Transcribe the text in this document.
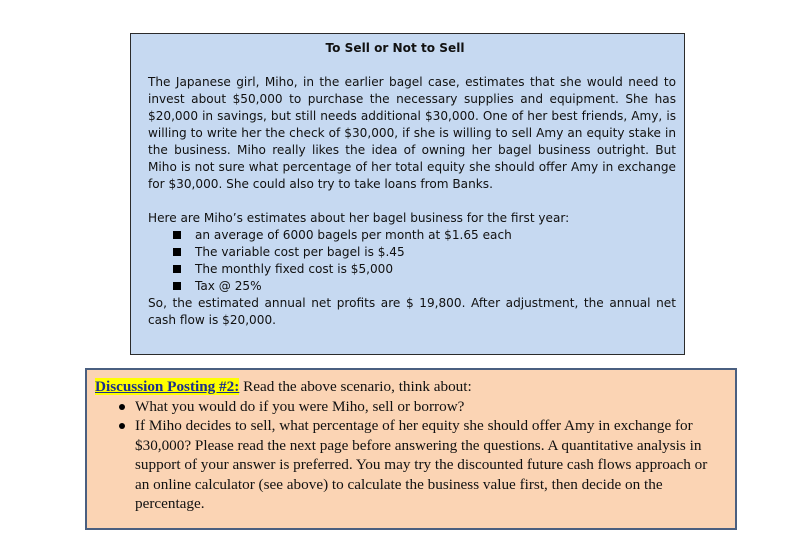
To Sell or Not to Sell

The Japanese girl, Miho, in the earlier bagel case, estimates that she would need to invest about $50,000 to purchase the necessary supplies and equipment. She has $20,000 in savings, but still needs additional $30,000. One of her best friends, Amy, is willing to write her the check of $30,000, if she is willing to sell Amy an equity stake in the business. Miho really likes the idea of owning her bagel business outright. But Miho is not sure what percentage of her total equity she should offer Amy in exchange for $30,000. She could also try to take loans from Banks.

Here are Miho’s estimates about her bagel business for the first year:
an average of 6000 bagels per month at $1.65 each
The variable cost per bagel is $.45
The monthly fixed cost is $5,000
Tax @ 25%

So, the estimated annual net profits are $ 19,800. After adjustment, the annual net cash flow is $20,000.

Discussion Posting #2: Read the above scenario, think about:

What you would do if you were Miho, sell or borrow?
If Miho decides to sell, what percentage of her equity she should offer Amy in exchange for $30,000? Please read the next page before answering the questions. A quantitative analysis in support of your answer is preferred. You may try the discounted future cash flows approach or an online calculator (see above) to calculate the business value first, then decide on the percentage.
